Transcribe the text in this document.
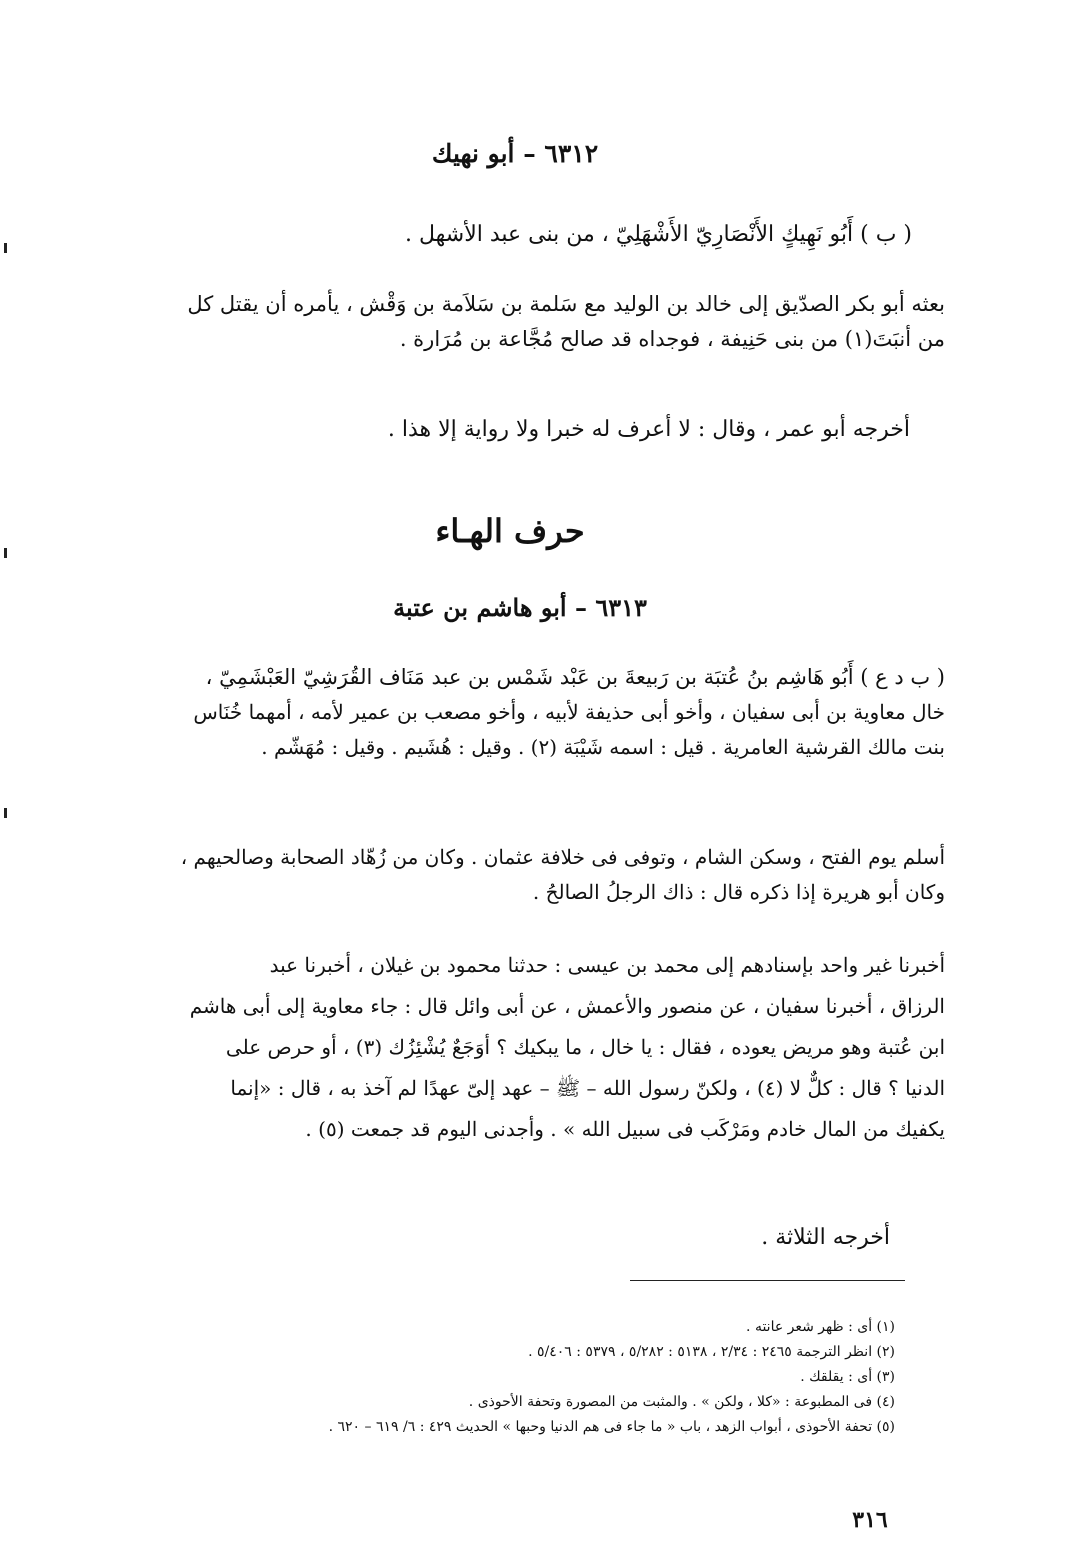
٦٣١٢ – أبو نهيك
( ب ) أَبُو نَهِيكٍ الأَنْصَارِيّ الأَشْهَلِيّ ، من بنى عبد الأشهل .
بعثه أبو بكر الصدّيق إلى خالد بن الوليد مع سَلمة بن سَلاَمة بن وَقْش ، يأمره أن يقتل كل
من أنبَتَ(١) من بنى حَنِيفة ، فوجداه قد صالح مُجَّاعة بن مُرَارة .
أخرجه أبو عمر ، وقال : لا أعرف له خبرا ولا رواية إلا هذا .
حرف الهـاء
٦٣١٣ – أبو هاشم بن عتبة
( ب د ع ) أَبُو هَاشِم بنُ عُتبَة بن رَبيعةَ بن عَبْد شَمْس بن عبد مَنَاف القُرَشِيّ العَبْشَمِيّ ،
خال معاوية بن أبى سفيان ، وأخو أبى حذيفة لأبيه ، وأخو مصعب بن عمير لأمه ، أمهما خُنَاس
بنت مالك القرشية العامرية . قيل : اسمه شَيْبَة (٢) . وقيل : هُشَيم . وقيل : مُهَشّم .
أسلم يوم الفتح ، وسكن الشام ، وتوفى فى خلافة عثمان . وكان من زُهّاد الصحابة وصالحيهم ،
وكان أبو هريرة إذا ذكره قال : ذاك الرجلُ الصالحُ .
أخبرنا غير واحد بإسنادهم إلى محمد بن عيسى : حدثنا محمود بن غيلان ، أخبرنا عبد
الرزاق ، أخبرنا سفيان ، عن منصور والأعمش ، عن أبى وائل قال : جاء معاوية إلى أبى هاشم
ابن عُتبة وهو مريض يعوده ، فقال : يا خال ، ما يبكيك ؟ أوَجَعٌ يُشْئِزُك (٣) ، أو حرص على
الدنيا ؟ قال : كلٌّ لا (٤) ، ولكنّ رسول الله – ﷺ – عهد إلىّ عهدًا لم آخذ به ، قال : «إنما
يكفيك من المال خادم ومَرْكَب فى سبيل الله » . وأجدنى اليوم قد جمعت (٥) .
أخرجه الثلاثة .
(١) أى : ظهر شعر عانته .
(٢) انظر الترجمة ٢٤٦٥ : ٢/٣٤ ، ٥١٣٨ : ٥/٢٨٢ ، ٥٣٧٩ : ٥/٤٠٦ .
(٣) أى : يقلقك .
(٤) فى المطبوعة : «كلا ، ولكن » . والمثبت من المصورة وتحفة الأحوذى .
(٥) تحفة الأحوذى ، أبواب الزهد ، باب « ما جاء فى هم الدنيا وحبها » الحديث ٤٢٩ : ٦/ ٦١٩ – ٦٢٠ .
٣١٦
